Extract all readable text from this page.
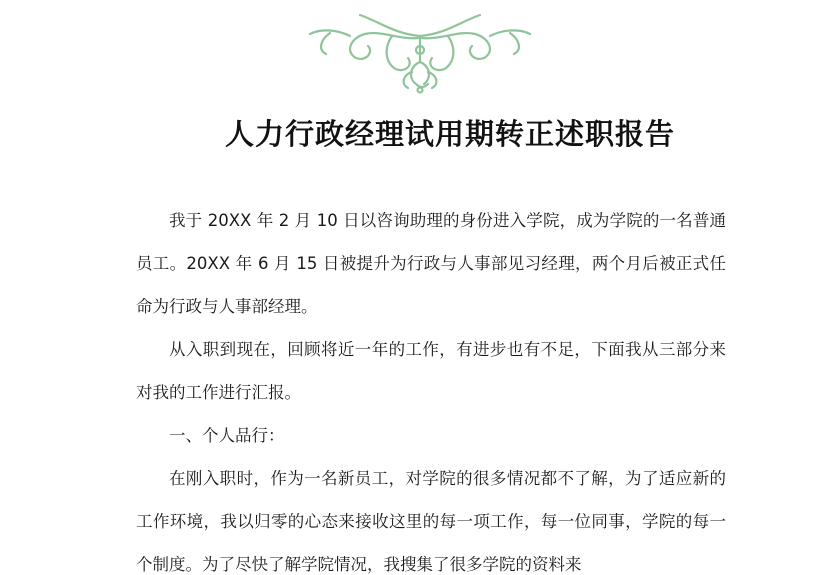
人力行政经理试用期转正述职报告

我于 20XX 年 2 月 10 日以咨询助理的身份进入学院，成为学院的一名普通员工。20XX 年 6 月 15 日被提升为行政与人事部见习经理，两个月后被正式任命为行政与人事部经理。

从入职到现在，回顾将近一年的工作，有进步也有不足，下面我从三部分来对我的工作进行汇报。

一、个人品行：

在刚入职时，作为一名新员工，对学院的很多情况都不了解，为了适应新的工作环境，我以归零的心态来接收这里的每一项工作，每一位同事，学院的每一个制度。为了尽快了解学院情况，我搜集了很多学院的资料来
